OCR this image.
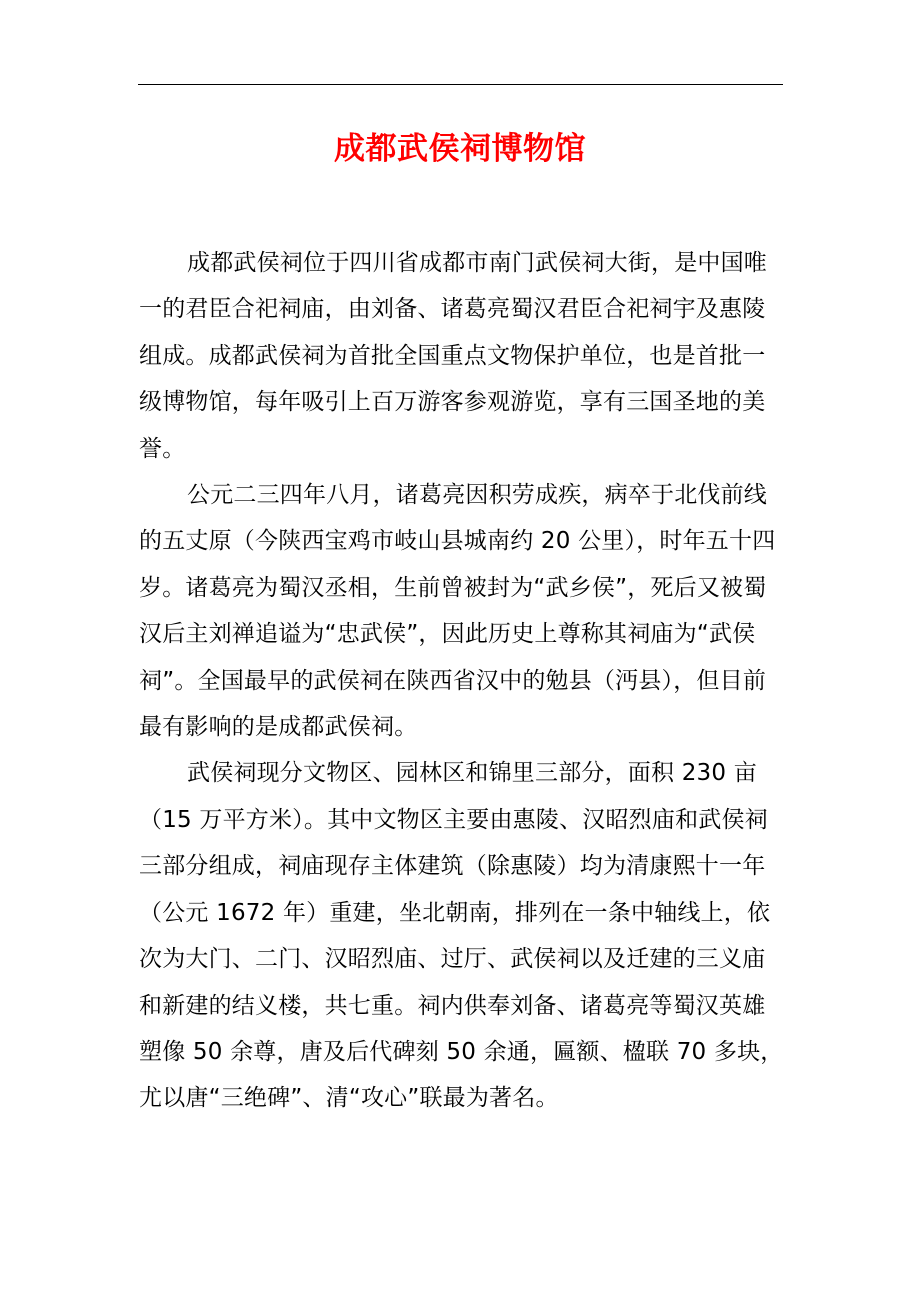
成都武侯祠博物馆

成都武侯祠位于四川省成都市南门武侯祠大街，是中国唯一的君臣合祀祠庙，由刘备、诸葛亮蜀汉君臣合祀祠宇及惠陵组成。成都武侯祠为首批全国重点文物保护单位，也是首批一级博物馆，每年吸引上百万游客参观游览，享有三国圣地的美誉。

公元二三四年八月，诸葛亮因积劳成疾，病卒于北伐前线的五丈原（今陕西宝鸡市岐山县城南约 20 公里），时年五十四岁。诸葛亮为蜀汉丞相，生前曾被封为“武乡侯”，死后又被蜀汉后主刘禅追谥为“忠武侯”，因此历史上尊称其祠庙为“武侯祠”。全国最早的武侯祠在陕西省汉中的勉县（沔县），但目前最有影响的是成都武侯祠。

武侯祠现分文物区、园林区和锦里三部分，面积 230 亩（15 万平方米）。其中文物区主要由惠陵、汉昭烈庙和武侯祠三部分组成，祠庙现存主体建筑（除惠陵）均为清康熙十一年（公元 1672 年）重建，坐北朝南，排列在一条中轴线上，依次为大门、二门、汉昭烈庙、过厅、武侯祠以及迁建的三义庙和新建的结义楼，共七重。祠内供奉刘备、诸葛亮等蜀汉英雄塑像 50 余尊，唐及后代碑刻 50 余通，匾额、楹联 70 多块，尤以唐“三绝碑”、清“攻心”联最为著名。
